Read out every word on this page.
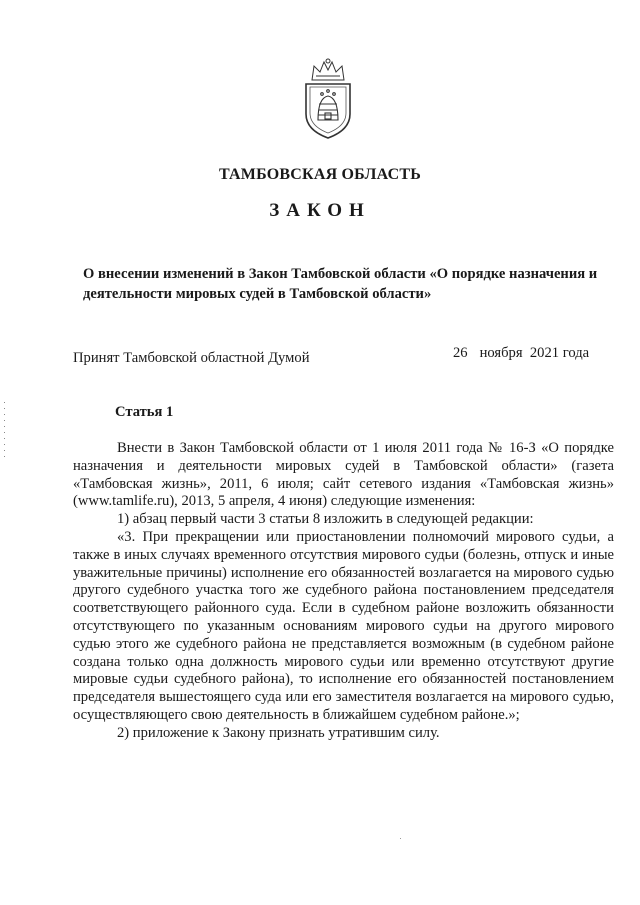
ТАМБОВСКАЯ ОБЛАСТЬ
ЗАКОН
О внесении изменений в Закон Тамбовской области «О порядке назначения и деятельности мировых судей в Тамбовской области»
Принят Тамбовской областной Думой	26 ноября  2021 года
Статья 1

Внести в Закон Тамбовской области от 1 июля 2011 года № 16-З «О порядке назначения и деятельности мировых судей в Тамбовской области» (газета «Тамбовская жизнь», 2011, 6 июля; сайт сетевого издания «Тамбовская жизнь» (www.tamlife.ru), 2013, 5 апреля, 4 июня) следующие изменения:

1) абзац первый части 3 статьи 8 изложить в следующей редакции:

«3. При прекращении или приостановлении полномочий мирового судьи, а также в иных случаях временного отсутствия мирового судьи (болезнь, отпуск и иные уважительные причины) исполнение его обязанностей возлагается на мирового судью другого судебного участка того же судебного района постановлением председателя соответствующего районного суда. Если в судебном районе возложить обязанности отсутствующего по указанным основаниям мирового судьи на другого мирового судью этого же судебного района не представляется возможным (в судебном районе создана только одна должность мирового судьи или временно отсутствуют другие мировые судьи судебного района), то исполнение его обязанностей постановлением председателя вышестоящего суда или его заместителя возлагается на мирового судью, осуществляющего свою деятельность в ближайшем судебном районе.»;

2) приложение к Закону признать утратившим силу.
